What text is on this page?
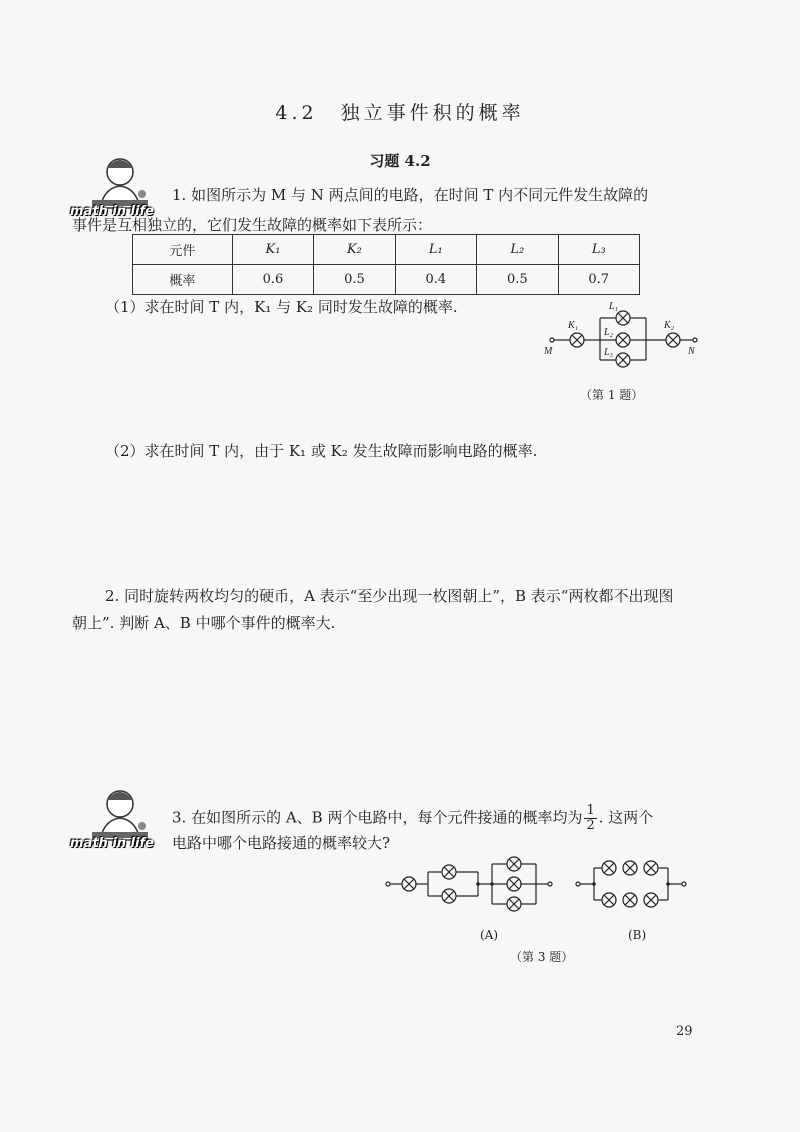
4.2　独立事件积的概率
习题 4.2
math in life
1. 如图所示为 M 与 N 两点间的电路，在时间 T 内不同元件发生故障的
事件是互相独立的，它们发生故障的概率如下表所示：
元件	K₁	K₂	L₁	L₂	L₃
概率	0.6	0.5	0.4	0.5	0.7
（1）求在时间 T 内，K₁ 与 K₂ 同时发生故障的概率.
M	N
K₁	K₂
L₁
L₂
L₃
（第 1 题）
（2）求在时间 T 内，由于 K₁ 或 K₂ 发生故障而影响电路的概率.
2. 同时旋转两枚均匀的硬币，A 表示“至少出现一枚图朝上”，B 表示“两枚都不出现图
朝上”. 判断 A、B 中哪个事件的概率大.
math in life
3. 在如图所示的 A、B 两个电路中，每个元件接通的概率均为 $\frac{1}{2}$ . 这两个
电路中哪个电路接通的概率较大?
(A)	(B)
（第 3 题）
29
